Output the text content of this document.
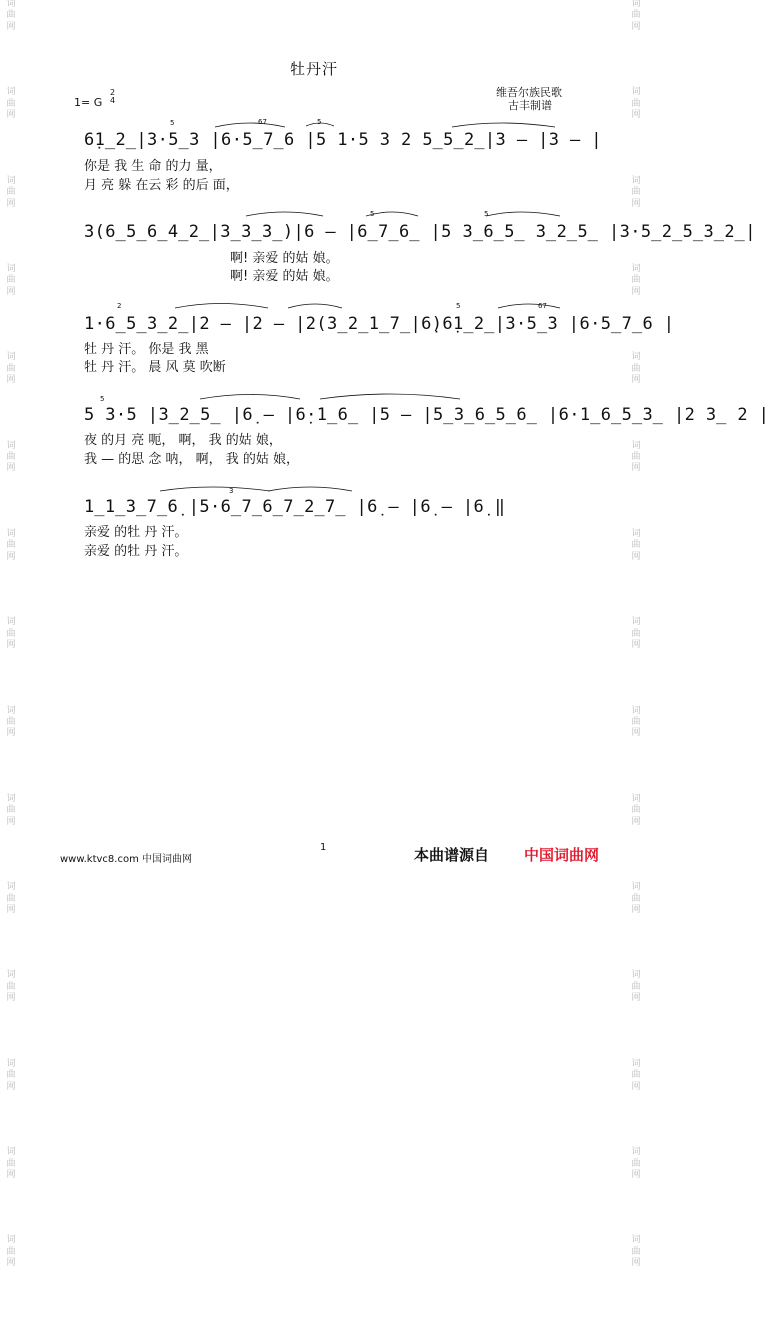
词
曲
网
词
曲
网
词
曲
网
词
曲
网
词
曲
网
词
曲
网
词
曲
网
词
曲
网
词
曲
网
词
曲
网
词
曲
网
词
曲
网
词
曲
网
词
曲
网
词
曲
网
词
曲
网
词
曲
网
词
曲
网
词
曲
网
词
曲
网
词
曲
网
词
曲
网
词
曲
网
词
曲
网
词
曲
网
词
曲
网
词
曲
网
词
曲
网
词
曲
网
词
曲
网
牡丹汗
1= G
2
4
维吾尔族民歌
古丰制谱
6̣1̲2̲|3·5̲3 |6·5̲7̲6 |5 1·5 3 2 5̲5̲2̲|3 – |3 – |
你是 我 生 命 的力 量，
月 亮 躲 在云 彩 的后 面，
3(6̲5̲6̲4̲2̲|3̲3̲3̲)|6 – |6̲7̲6̲ |5 3̲6̲5̲ 3̲2̲5̲ |3·5̲2̲5̲3̲2̲|
啊! 亲爱 的姑 娘。
啊! 亲爱 的姑 娘。
1·6̲5̲3̲2̲|2 – |2 – |2(3̲2̲1̲7̲|6̣)6̣1̲2̲|3·5̲3 |6·5̲7̲6 |
牡 丹 汗。 你是 我 黑
牡 丹 汗。 晨 风 莫 吹断
5 3·5 |3̲2̲5̲ |6̣ – |6̣·1̲6̲ |5 – |5̲3̲6̲5̲6̲ |6·1̲6̲5̲3̲ |2 3̲ 2 |
夜 的月 亮 呃， 啊， 我 的姑 娘，
我 — 的思 念 呐， 啊， 我 的姑 娘，
1̲1̲3̲7̲6̣ |5·6̲7̲6̲7̲2̲7̲ |6̣ – |6̣ – |6̣ ‖
亲爱 的牡 丹 汗。
亲爱 的牡 丹 汗。
5	67	5
5	5
2	5	67
5
3
1
www.ktvc8.com 中国词曲网	本曲谱源自 中国词曲网
